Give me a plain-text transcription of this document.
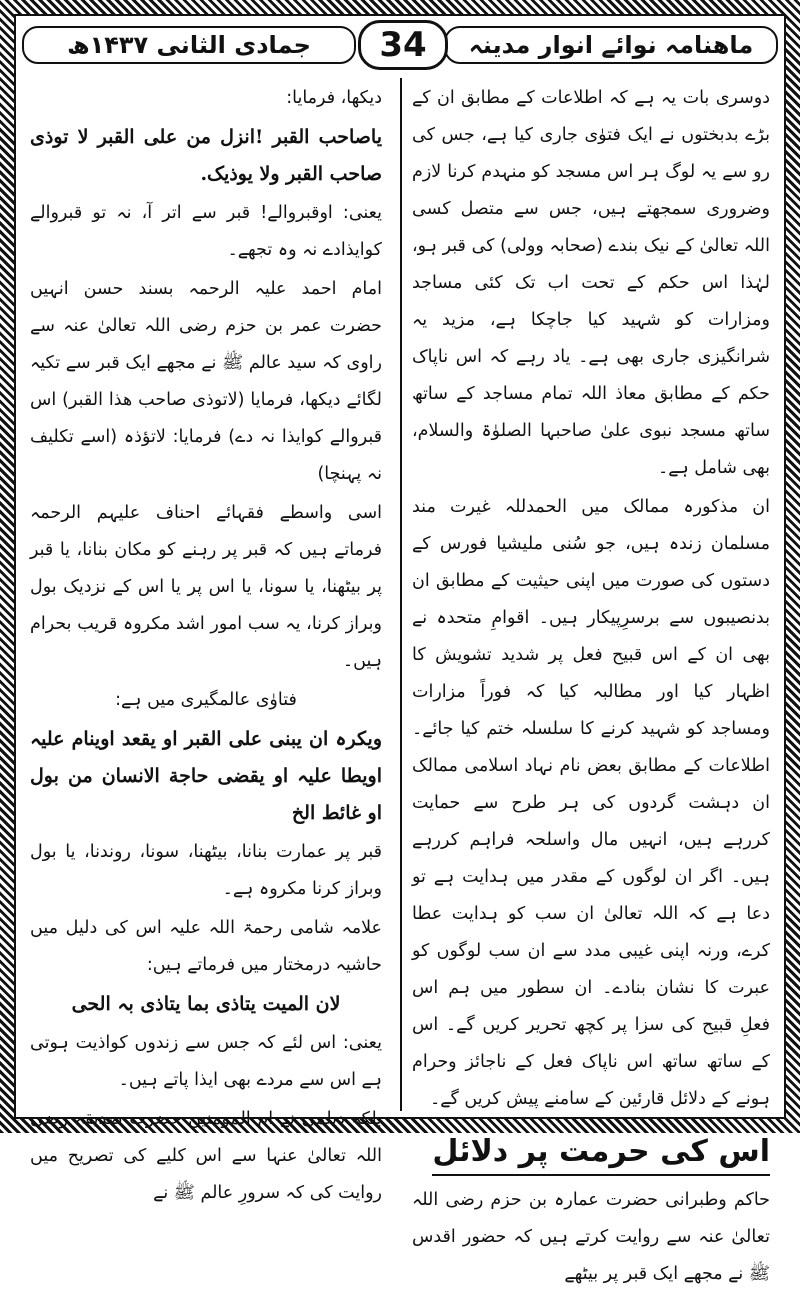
ماهنامہ نوائے انوار مدینہ
34
جمادی الثانی ۱۴۳۷ھ

دوسری بات یہ ہے کہ اطلاعات کے مطابق ان کے بڑے بدبختوں نے ایک فتوٰی جاری کیا ہے، جس کی رو سے یہ لوگ ہر اس مسجد کو منہدم کرنا لازم وضروری سمجھتے ہیں، جس سے متصل کسی اللہ تعالیٰ کے نیک بندے (صحابہ وولی) کی قبر ہو، لہٰذا اس حکم کے تحت اب تک کئی مساجد ومزارات کو شہید کیا جاچکا ہے، مزید یہ شرانگیزی جاری بھی ہے۔ یاد رہے کہ اس ناپاک حکم کے مطابق معاذ اللہ تمام مساجد کے ساتھ ساتھ مسجد نبوی علیٰ صاحبہا الصلوٰۃ والسلام، بھی شامل ہے۔

ان مذکورہ ممالک میں الحمدللہ غیرت مند مسلمان زندہ ہیں، جو سُنی ملیشیا فورس کے دستوں کی صورت میں اپنی حیثیت کے مطابق ان بدنصیبوں سے برسرِپیکار ہیں۔ اقوامِ متحدہ نے بھی ان کے اس قبیح فعل پر شدید تشویش کا اظہار کیا اور مطالبہ کیا کہ فوراً مزارات ومساجد کو شہید کرنے کا سلسلہ ختم کیا جائے۔ اطلاعات کے مطابق بعض نام نہاد اسلامی ممالک ان دہشت گردوں کی ہر طرح سے حمایت کررہے ہیں، انہیں مال واسلحہ فراہم کررہے ہیں۔ اگر ان لوگوں کے مقدر میں ہدایت ہے تو دعا ہے کہ اللہ تعالیٰ ان سب کو ہدایت عطا کرے، ورنہ اپنی غیبی مدد سے ان سب لوگوں کو عبرت کا نشان بنادے۔ ان سطور میں ہم اس فعلِ قبیح کی سزا پر کچھ تحریر کریں گے۔ اس کے ساتھ ساتھ اس ناپاک فعل کے ناجائز وحرام ہونے کے دلائل قارئین کے سامنے پیش کریں گے۔

اس کی حرمت پر دلائل

حاکم وطبرانی حضرت عمارہ بن حزم رضی اللہ تعالیٰ عنہ سے روایت کرتے ہیں کہ حضور اقدس ﷺ نے مجھے ایک قبر پر بیٹھے

دیکھا، فرمایا:

یاصاحب القبر !انزل من علی القبر لا توذی صاحب القبر ولا یوذیک.

یعنی: اوقبروالے! قبر سے اتر آ، نہ تو قبروالے کوایذادے نہ وہ تجھے۔

امام احمد علیہ الرحمہ بسند حسن انہیں حضرت عمر بن حزم رضی اللہ تعالیٰ عنہ سے راوی کہ سید عالم ﷺ نے مجھے ایک قبر سے تکیہ لگائے دیکھا، فرمایا (لاتوذی صاحب هذا القبر) اس قبروالے کوایذا نہ دے) فرمایا: لاتؤذہ (اسے تکلیف نہ پہنچا)

اسی واسطے فقہائے احناف علیہم الرحمہ فرماتے ہیں کہ قبر پر رہنے کو مکان بنانا، یا قبر پر بیٹھنا، یا سونا، یا اس پر یا اس کے نزدیک بول وبراز کرنا، یہ سب امور اشد مکروہ قریب بحرام ہیں۔

فتاوٰی عالمگیری میں ہے:

ویکرہ ان یبنی علی القبر او یقعد اوینام علیہ اویطا علیہ او یقضی حاجة الانسان من بول او غائط الخ

قبر پر عمارت بنانا، بیٹھنا، سونا، روندنا، یا بول وبراز کرنا مکروہ ہے۔

علامہ شامی رحمۃ اللہ علیہ اس کی دلیل میں حاشیہ درمختار میں فرماتے ہیں:

لان المیت یتاذی بما یتاذی بہ الحی

یعنی: اس لئے کہ جس سے زندوں کواذیت ہوتی ہے اس سے مردے بھی ایذا پاتے ہیں۔

بلکہ دیلمی نے ام المومنین حضرت صدیقہ رضی اللہ تعالیٰ عنہا سے اس کلیے کی تصریح میں روایت کی کہ سرورِ عالم ﷺ نے
